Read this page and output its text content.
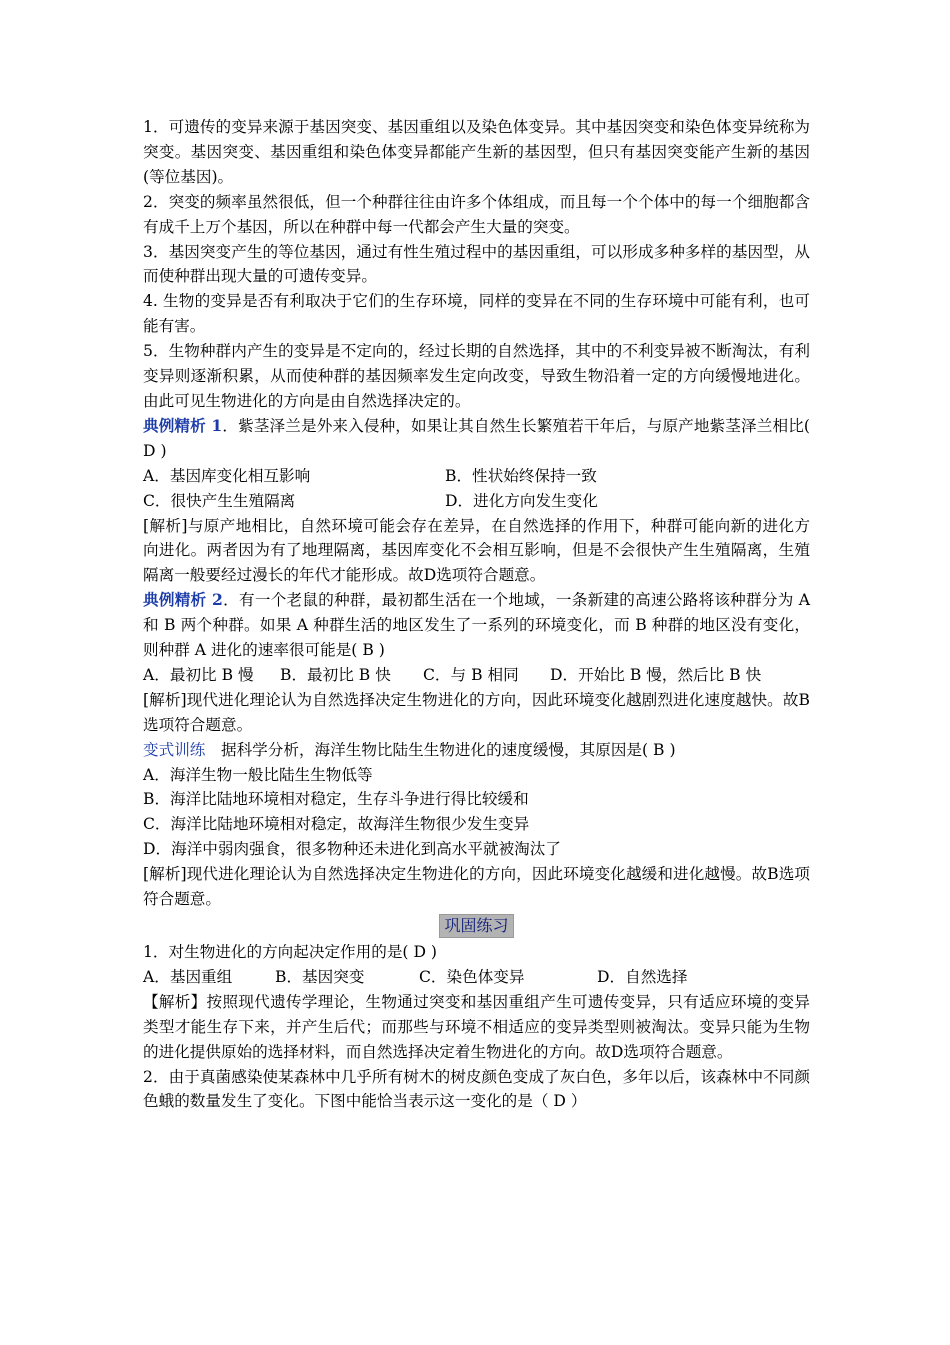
1．可遗传的变异来源于基因突变、基因重组以及染色体变异。其中基因突变和染色体变异统称为突变。基因突变、基因重组和染色体变异都能产生新的基因型，但只有基因突变能产生新的基因(等位基因)。

2．突变的频率虽然很低，但一个种群往往由许多个体组成，而且每一个个体中的每一个细胞都含有成千上万个基因，所以在种群中每一代都会产生大量的突变。

3．基因突变产生的等位基因，通过有性生殖过程中的基因重组，可以形成多种多样的基因型，从而使种群出现大量的可遗传变异。

4. 生物的变异是否有利取决于它们的生存环境，同样的变异在不同的生存环境中可能有利，也可能有害。

5．生物种群内产生的变异是不定向的，经过长期的自然选择，其中的不利变异被不断淘汰，有利变异则逐渐积累，从而使种群的基因频率发生定向改变，导致生物沿着一定的方向缓慢地进化。由此可见生物进化的方向是由自然选择决定的。

典例精析 1．紫茎泽兰是外来入侵种，如果让其自然生长繁殖若干年后，与原产地紫茎泽兰相比( D )

A．基因库变化相互影响	B．性状始终保持一致
C．很快产生生殖隔离	D．进化方向发生变化

[解析]与原产地相比，自然环境可能会存在差异，在自然选择的作用下，种群可能向新的进化方向进化。两者因为有了地理隔离，基因库变化不会相互影响，但是不会很快产生生殖隔离，生殖隔离一般要经过漫长的年代才能形成。故D选项符合题意。

典例精析 2．有一个老鼠的种群，最初都生活在一个地域，一条新建的高速公路将该种群分为 A 和 B 两个种群。如果 A 种群生活的地区发生了一系列的环境变化，而 B 种群的地区没有变化，则种群 A 进化的速率很可能是( B )

A．最初比 B 慢 B．最初比 B 快 C．与 B 相同 D．开始比 B 慢，然后比 B 快

[解析]现代进化理论认为自然选择决定生物进化的方向，因此环境变化越剧烈进化速度越快。故B选项符合题意。

变式训练　据科学分析，海洋生物比陆生生物进化的速度缓慢，其原因是( B )

A．海洋生物一般比陆生生物低等

B．海洋比陆地环境相对稳定，生存斗争进行得比较缓和

C．海洋比陆地环境相对稳定，故海洋生物很少发生变异

D．海洋中弱肉强食，很多物种还未进化到高水平就被淘汰了

[解析]现代进化理论认为自然选择决定生物进化的方向，因此环境变化越缓和进化越慢。故B选项符合题意。

巩固练习

1．对生物进化的方向起决定作用的是( D )

A．基因重组	B．基因突变	C．染色体变异	D．自然选择

【解析】按照现代遗传学理论，生物通过突变和基因重组产生可遗传变异，只有适应环境的变异类型才能生存下来，并产生后代；而那些与环境不相适应的变异类型则被淘汰。变异只能为生物的进化提供原始的选择材料，而自然选择决定着生物进化的方向。故D选项符合题意。

2．由于真菌感染使某森林中几乎所有树木的树皮颜色变成了灰白色，多年以后，该森林中不同颜色蛾的数量发生了变化。下图中能恰当表示这一变化的是（ D ）
